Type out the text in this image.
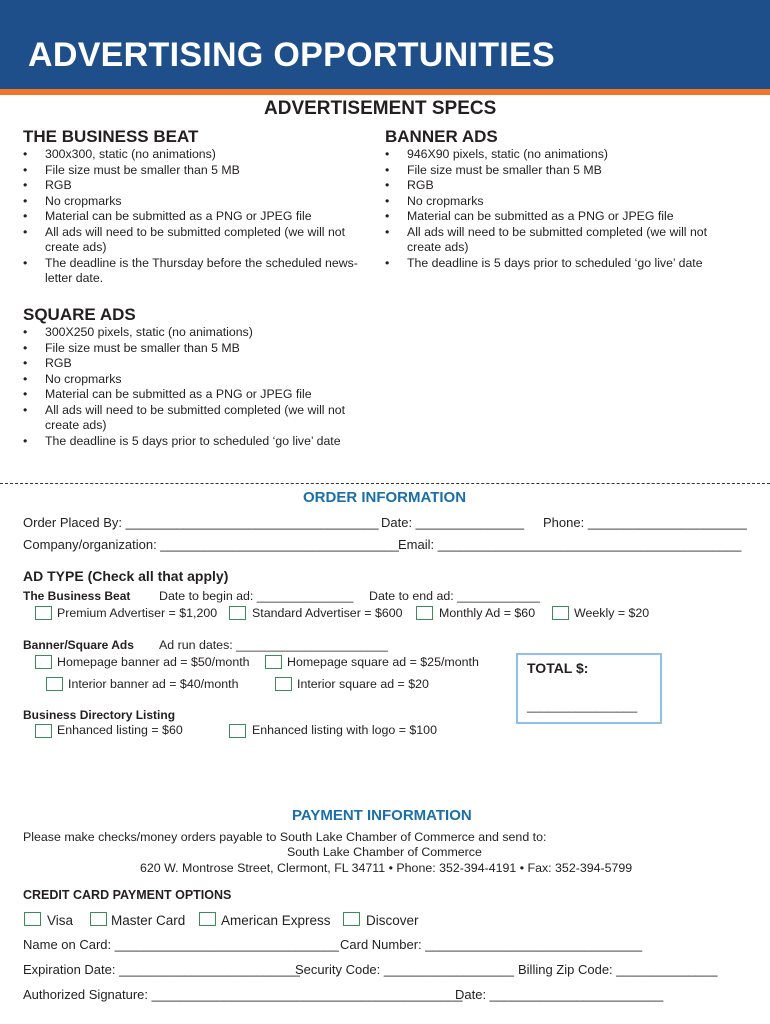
ADVERTISING OPPORTUNITIES
ADVERTISEMENT SPECS
THE BUSINESS BEAT
• 300x300, static (no animations)
• File size must be smaller than 5 MB
• RGB
• No cropmarks
• Material can be submitted as a PNG or JPEG file
• All ads will need to be submitted completed (we will not create ads)
• The deadline is the Thursday before the scheduled news- letter date.
BANNER ADS
• 946X90 pixels, static (no animations)
• File size must be smaller than 5 MB
• RGB
• No cropmarks
• Material can be submitted as a PNG or JPEG file
• All ads will need to be submitted completed (we will not create ads)
• The deadline is 5 days prior to scheduled ‘go live’ date
SQUARE ADS
• 300X250 pixels, static (no animations)
• File size must be smaller than 5 MB
• RGB
• No cropmarks
• Material can be submitted as a PNG or JPEG file
• All ads will need to be submitted completed (we will not create ads)
• The deadline is 5 days prior to scheduled ‘go live’ date
ORDER INFORMATION
Order Placed By: ___________________________________ Date: _______________ Phone: ______________________
Company/organization: _________________________________ Email: __________________________________________
AD TYPE (Check all that apply)
The Business Beat Date to begin ad: ______________ Date to end ad: ____________
Premium Advertiser = $1,200	Standard Advertiser = $600	Monthly Ad = $60	Weekly = $20
Banner/Square Ads Ad run dates: ______________________
Homepage banner ad = $50/month	Homepage square ad = $25/month
Interior banner ad = $40/month	Interior square ad = $20
TOTAL $:
________________
Business Directory Listing
Enhanced listing = $60	Enhanced listing with logo = $100
PAYMENT INFORMATION
Please make checks/money orders payable to South Lake Chamber of Commerce and send to:
South Lake Chamber of Commerce
620 W. Montrose Street, Clermont, FL 34711 • Phone: 352-394-4191 • Fax: 352-394-5799
CREDIT CARD PAYMENT OPTIONS
Visa	Master Card	American Express	Discover
Name on Card: _______________________________ Card Number: ______________________________
Expiration Date: _________________________
Security Code: __________________ Billing Zip Code: ______________
Authorized Signature: ___________________________________________
Date: ________________________
